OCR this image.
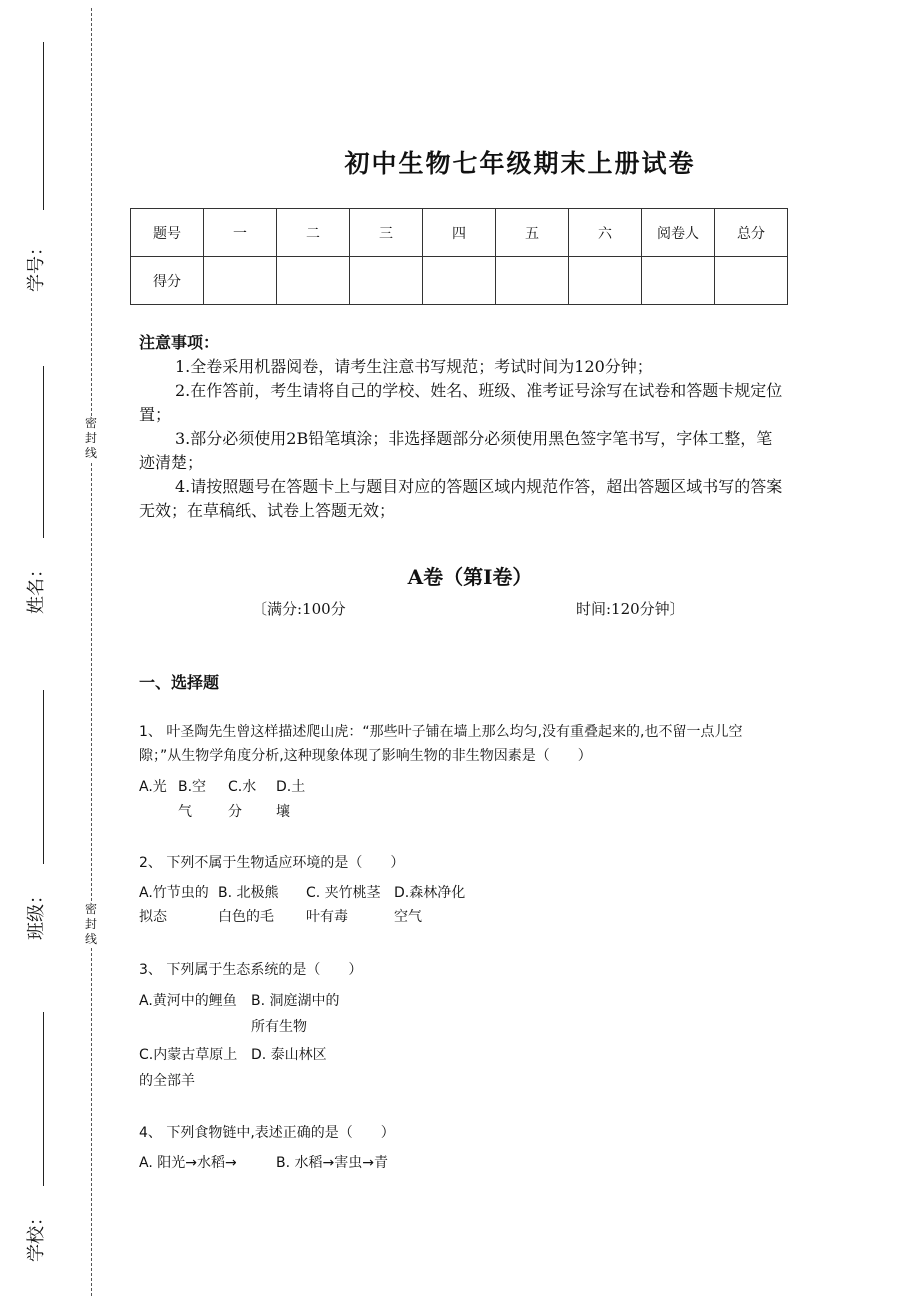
密封线
密封线
学号：
姓名：
班级：
学校：
初中生物七年级期末上册试卷
题号	一	二	三	四	五	六	阅卷人	总分
得分								

注意事项：

1.全卷采用机器阅卷，请考生注意书写规范；考试时间为120分钟；

2.在作答前，考生请将自己的学校、姓名、班级、准考证号涂写在试卷和答题卡规定位置；

3.部分必须使用2B铅笔填涂；非选择题部分必须使用黑色签字笔书写，字体工整，笔迹清楚；

4.请按照题号在答题卡上与题目对应的答题区域内规范作答，超出答题区域书写的答案无效；在草稿纸、试卷上答题无效；

A卷（第I卷）
〔满分:100分	时间:120分钟〕
一、选择题
1、 叶圣陶先生曾这样描述爬山虎：“那些叶子铺在墙上那么均匀,没有重叠起来的,也不留一点儿空隙；”从生物学角度分析,这种现象体现了影响生物的非生物因素是（　　）
A.光 B.空气
C.水分
D.土壤
2、 下列不属于生物适应环境的是（　　）
A.竹节虫的拟态
B. 北极熊白色的毛
C. 夹竹桃茎叶有毒
D.森林净化空气
3、 下列属于生态系统的是（　　）
A.黄河中的鲤鱼	B. 洞庭湖中的所有生物
C.内蒙古草原上的全部羊
D. 泰山林区
4、 下列食物链中,表述正确的是（　　）
A. 阳光→水稻→	B. 水稻→害虫→青
